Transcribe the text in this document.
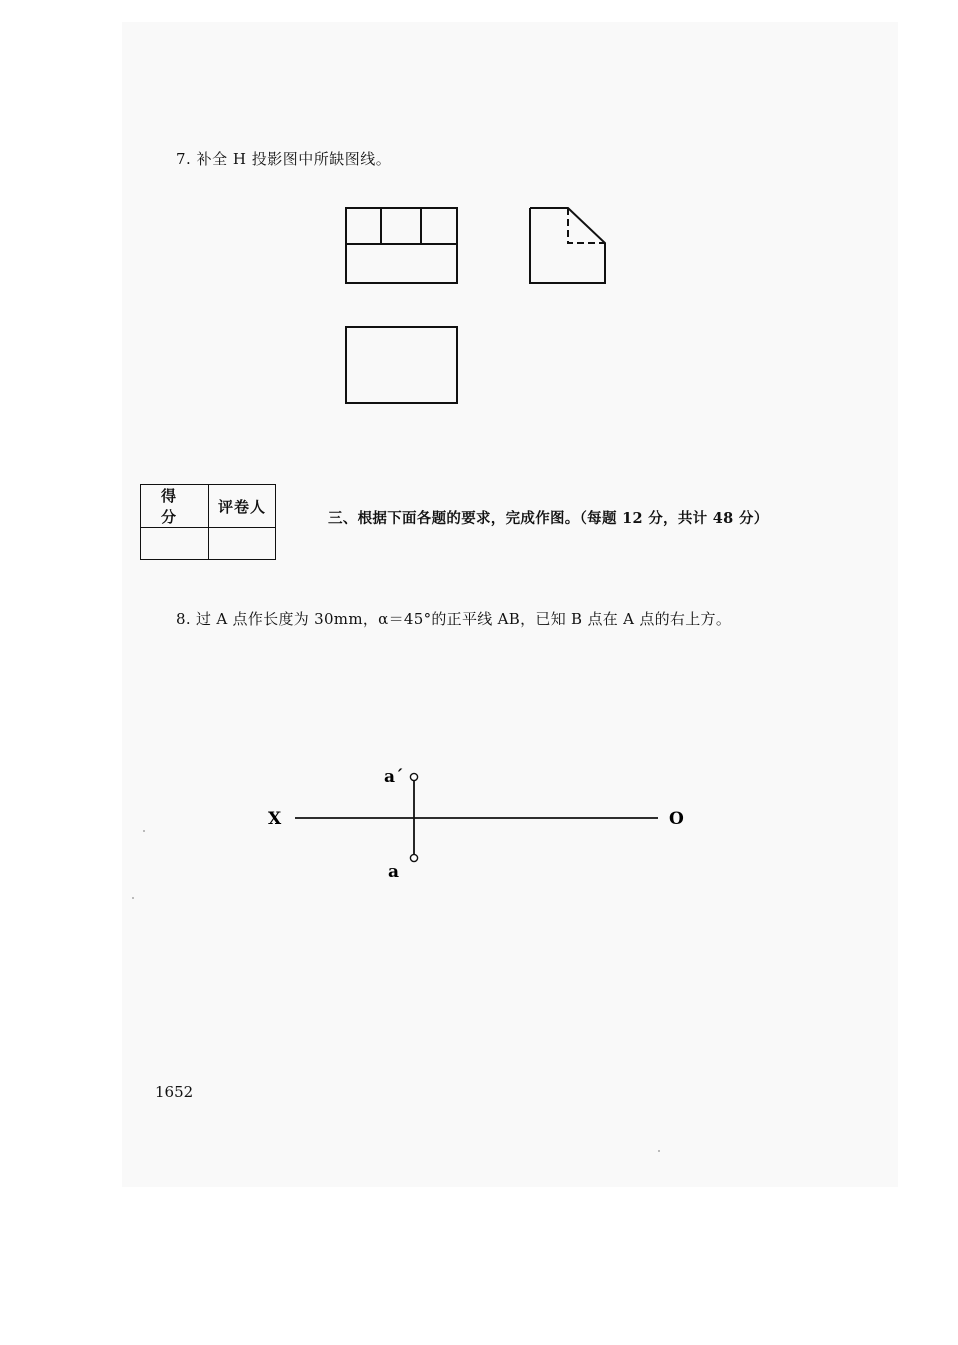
7. 补全 H 投影图中所缺图线。
得 分	评卷人

三、根据下面各题的要求，完成作图。（每题 12 分，共计 48 分）
8. 过 A 点作长度为 30mm，α＝45°的正平线 AB，已知 B 点在 A 点的右上方。
X	O
a´
a
1652
